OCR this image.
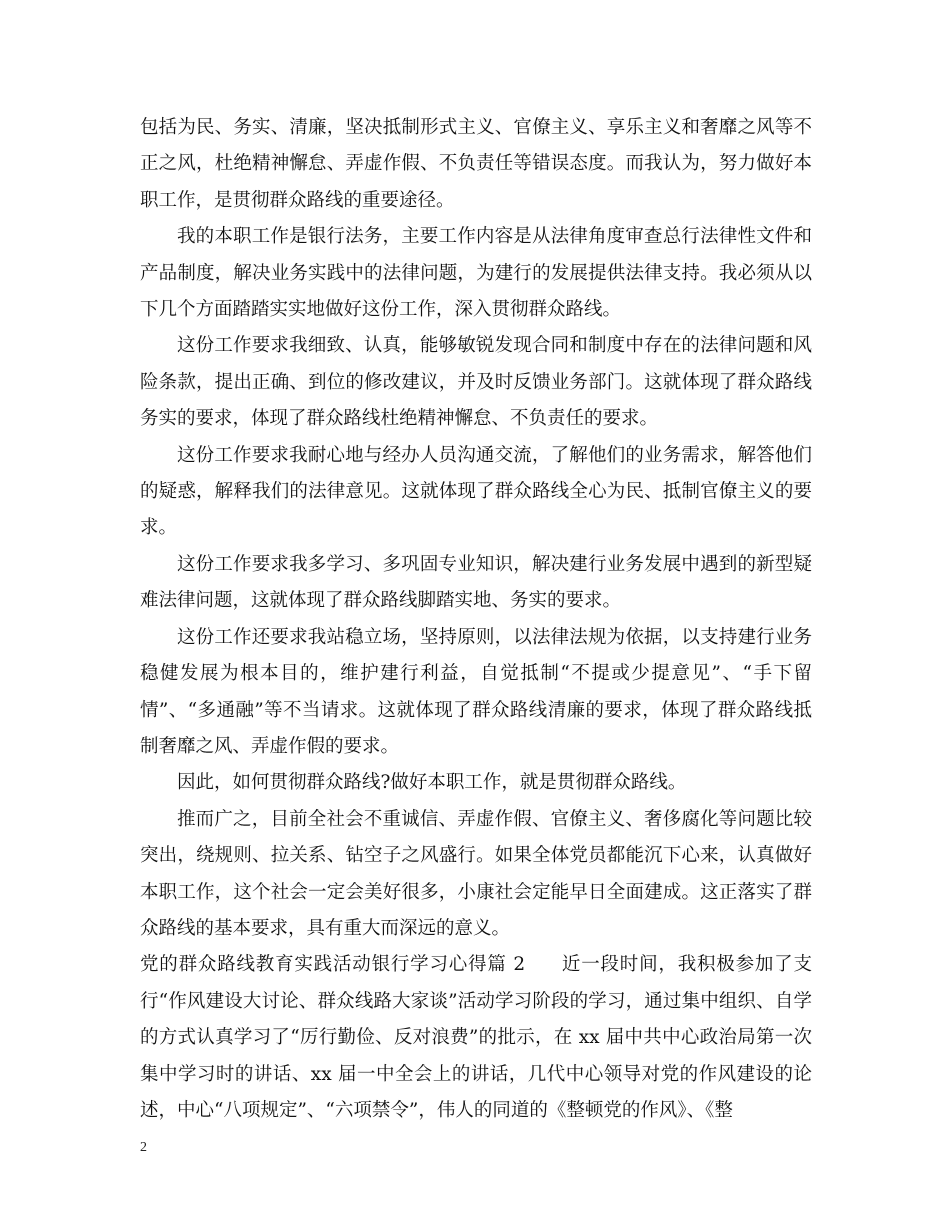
包括为民、务实、清廉，坚决抵制形式主义、官僚主义、享乐主义和奢靡之风等不正之风，杜绝精神懈怠、弄虚作假、不负责任等错误态度。而我认为，努力做好本职工作，是贯彻群众路线的重要途径。

我的本职工作是银行法务，主要工作内容是从法律角度审查总行法律性文件和产品制度，解决业务实践中的法律问题，为建行的发展提供法律支持。我必须从以下几个方面踏踏实实地做好这份工作，深入贯彻群众路线。

这份工作要求我细致、认真，能够敏锐发现合同和制度中存在的法律问题和风险条款，提出正确、到位的修改建议，并及时反馈业务部门。这就体现了群众路线务实的要求，体现了群众路线杜绝精神懈怠、不负责任的要求。

这份工作要求我耐心地与经办人员沟通交流，了解他们的业务需求，解答他们的疑惑，解释我们的法律意见。这就体现了群众路线全心为民、抵制官僚主义的要求。

这份工作要求我多学习、多巩固专业知识，解决建行业务发展中遇到的新型疑难法律问题，这就体现了群众路线脚踏实地、务实的要求。

这份工作还要求我站稳立场，坚持原则，以法律法规为依据，以支持建行业务稳健发展为根本目的，维护建行利益，自觉抵制“不提或少提意见”、“手下留情”、“多通融”等不当请求。这就体现了群众路线清廉的要求，体现了群众路线抵制奢靡之风、弄虚作假的要求。

因此，如何贯彻群众路线?做好本职工作，就是贯彻群众路线。

推而广之，目前全社会不重诚信、弄虚作假、官僚主义、奢侈腐化等问题比较突出，绕规则、拉关系、钻空子之风盛行。如果全体党员都能沉下心来，认真做好本职工作，这个社会一定会美好很多，小康社会定能早日全面建成。这正落实了群众路线的基本要求，具有重大而深远的意义。

党的群众路线教育实践活动银行学习心得篇 2 近一段时间，我积极参加了支行“作风建设大讨论、群众线路大家谈”活动学习阶段的学习，通过集中组织、自学的方式认真学习了“厉行勤俭、反对浪费”的批示，在 xx 届中共中心政治局第一次集中学习时的讲话、xx 届一中全会上的讲话，几代中心领导对党的作风建设的论述，中心“八项规定”、“六项禁令”，伟人的同道的《整顿党的作风》、《整

2
